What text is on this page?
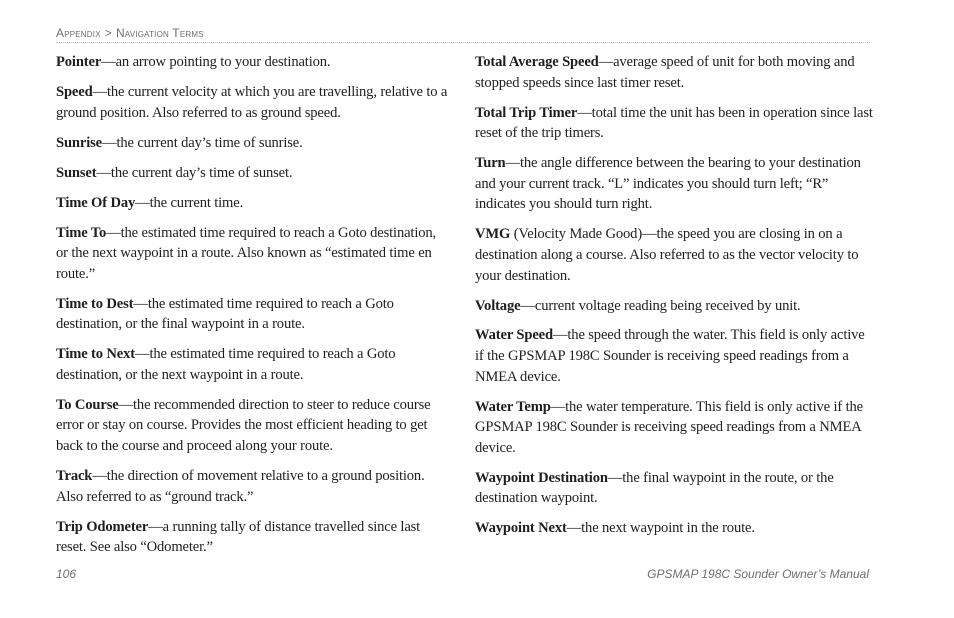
Appendix > Navigation Terms

Pointer—an arrow pointing to your destination.

Speed—the current velocity at which you are travelling, relative to a ground position. Also referred to as ground speed.

Sunrise—the current day’s time of sunrise.

Sunset—the current day’s time of sunset.

Time Of Day—the current time.

Time To—the estimated time required to reach a Goto destination, or the next waypoint in a route. Also known as “estimated time en route.”

Time to Dest—the estimated time required to reach a Goto destination, or the final waypoint in a route.

Time to Next—the estimated time required to reach a Goto destination, or the next waypoint in a route.

To Course—the recommended direction to steer to reduce course error or stay on course. Provides the most efficient heading to get back to the course and proceed along your route.

Track—the direction of movement relative to a ground position. Also referred to as “ground track.”

Trip Odometer—a running tally of distance travelled since last reset. See also “Odometer.”

Total Average Speed—average speed of unit for both moving and stopped speeds since last timer reset.

Total Trip Timer—total time the unit has been in operation since last reset of the trip timers.

Turn—the angle difference between the bearing to your destination and your current track. “L” indicates you should turn left; “R” indicates you should turn right.

VMG (Velocity Made Good)—the speed you are closing in on a destination along a course. Also referred to as the vector velocity to your destination.

Voltage—current voltage reading being received by unit.

Water Speed—the speed through the water. This field is only active if the GPSMAP 198C Sounder is receiving speed readings from a NMEA device.

Water Temp—the water temperature. This field is only active if the GPSMAP 198C Sounder is receiving speed readings from a NMEA device.

Waypoint Destination—the final waypoint in the route, or the destination waypoint.

Waypoint Next—the next waypoint in the route.

106	GPSMAP 198C Sounder Owner’s Manual
